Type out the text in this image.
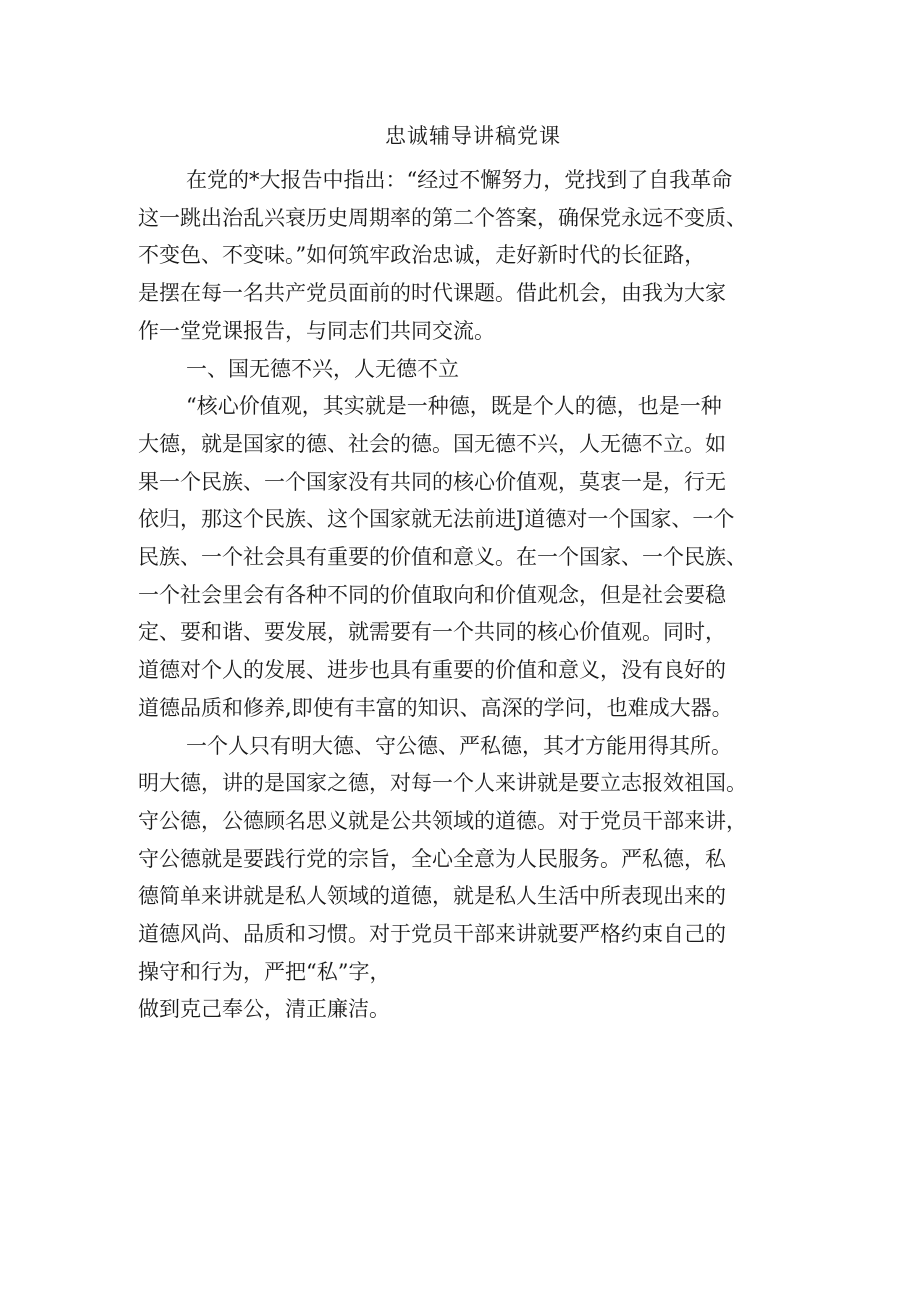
忠诚辅导讲稿党课

在党的*大报告中指出：“经过不懈努力，党找到了自我革命
这一跳出治乱兴衰历史周期率的第二个答案，确保党永远不变质、
不变色、不变味。”如何筑牢政治忠诚，走好新时代的长征路，
是摆在每一名共产党员面前的时代课题。借此机会，由我为大家
作一堂党课报告，与同志们共同交流。

一、国无德不兴，人无德不立

“核心价值观，其实就是一种德，既是个人的德，也是一种
大德，就是国家的德、社会的德。国无德不兴，人无德不立。如
果一个民族、一个国家没有共同的核心价值观，莫衷一是，行无
依归，那这个民族、这个国家就无法前进J道德对一个国家、一个
民族、一个社会具有重要的价值和意义。在一个国家、一个民族、
一个社会里会有各种不同的价值取向和价值观念，但是社会要稳
定、要和谐、要发展，就需要有一个共同的核心价值观。同时，
道德对个人的发展、进步也具有重要的价值和意义，没有良好的
道德品质和修养,即使有丰富的知识、高深的学问，也难成大器。

一个人只有明大德、守公德、严私德，其才方能用得其所。
明大德，讲的是国家之德，对每一个人来讲就是要立志报效祖国。
守公德，公德顾名思义就是公共领域的道德。对于党员干部来讲，
守公德就是要践行党的宗旨，全心全意为人民服务。严私德，私
德简单来讲就是私人领域的道德，就是私人生活中所表现出来的
道德风尚、品质和习惯。对于党员干部来讲就要严格约束自己的
操守和行为，严把“私”字，

做到克己奉公，清正廉洁。
